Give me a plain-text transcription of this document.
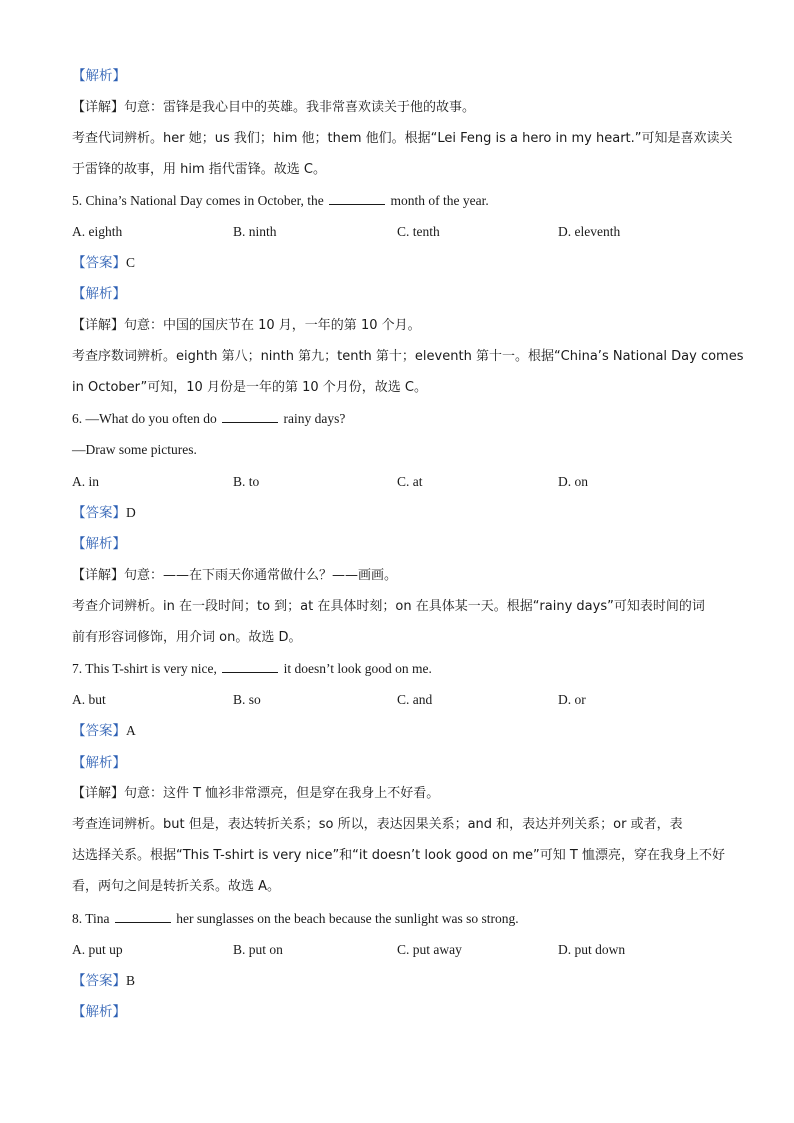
【解析】
【详解】句意：雷锋是我心目中的英雄。我非常喜欢读关于他的故事。
考查代词辨析。her 她；us 我们；him 他；them 他们。根据“Lei Feng is a hero in my heart.”可知是喜欢读关
于雷锋的故事，用 him 指代雷锋。故选 C。
5. China’s National Day comes in October, the	month of the year.
A. eighth	B. ninth	C. tenth	D. eleventh
【答案】C
【解析】
【详解】句意：中国的国庆节在 10 月，一年的第 10 个月。
考查序数词辨析。eighth 第八；ninth 第九；tenth 第十；eleventh 第十一。根据“China’s National Day comes
in October”可知，10 月份是一年的第 10 个月份，故选 C。
6. —What do you often do	rainy days?
—Draw some pictures.
A. in	B. to	C. at	D. on
【答案】D
【解析】
【详解】句意：——在下雨天你通常做什么？——画画。
考查介词辨析。in 在一段时间；to 到；at 在具体时刻；on 在具体某一天。根据“rainy days”可知表时间的词
前有形容词修饰，用介词 on。故选 D。
7. This T-shirt is very nice,	it doesn’t look good on me.
A. but	B. so	C. and	D. or
【答案】A
【解析】
【详解】句意：这件 T 恤衫非常漂亮，但是穿在我身上不好看。
考查连词辨析。but 但是，表达转折关系；so 所以，表达因果关系；and 和，表达并列关系；or 或者，表
达选择关系。根据“This T-shirt is very nice”和“it doesn’t look good on me”可知 T 恤漂亮，穿在我身上不好
看，两句之间是转折关系。故选 A。
8. Tina	her sunglasses on the beach because the sunlight was so strong.
A. put up	B. put on	C. put away	D. put down
【答案】B
【解析】
